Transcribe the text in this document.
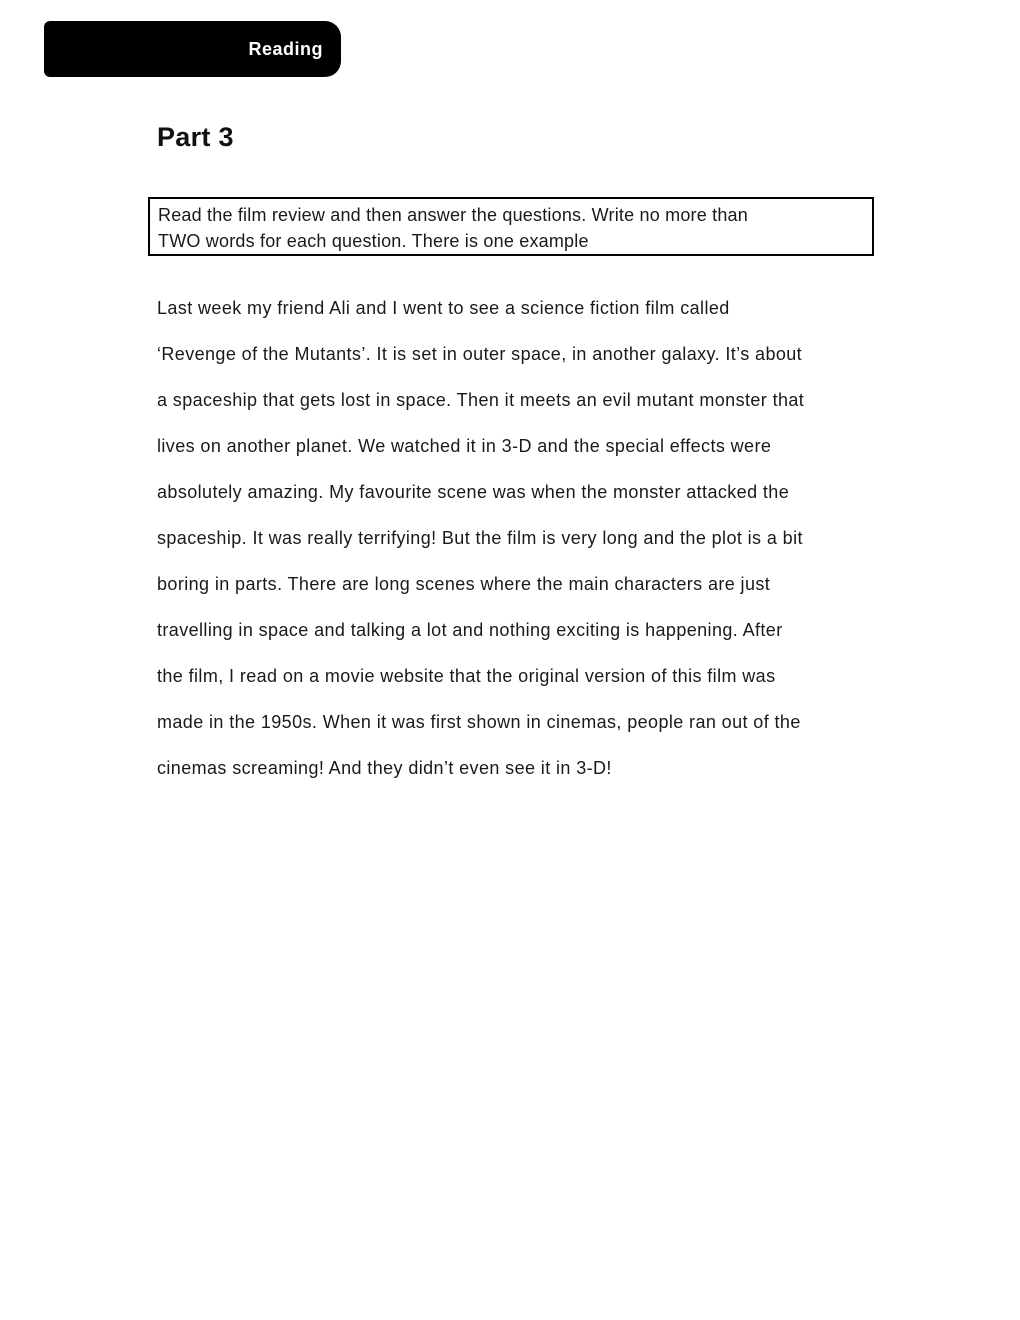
Reading
Part 3
Read the film review and then answer the questions. Write no more than
TWO words for each question. There is one example
Last week my friend Ali and I went to see a science fiction film called
‘Revenge of the Mutants’. It is set in outer space, in another galaxy. It’s about
a spaceship that gets lost in space. Then it meets an evil mutant monster that
lives on another planet. We watched it in 3-D and the special effects were
absolutely amazing. My favourite scene was when the monster attacked the
spaceship. It was really terrifying! But the film is very long and the plot is a bit
boring in parts. There are long scenes where the main characters are just
travelling in space and talking a lot and nothing exciting is happening. After
the film, I read on a movie website that the original version of this film was
made in the 1950s. When it was first shown in cinemas, people ran out of the
cinemas screaming! And they didn’t even see it in 3-D!
